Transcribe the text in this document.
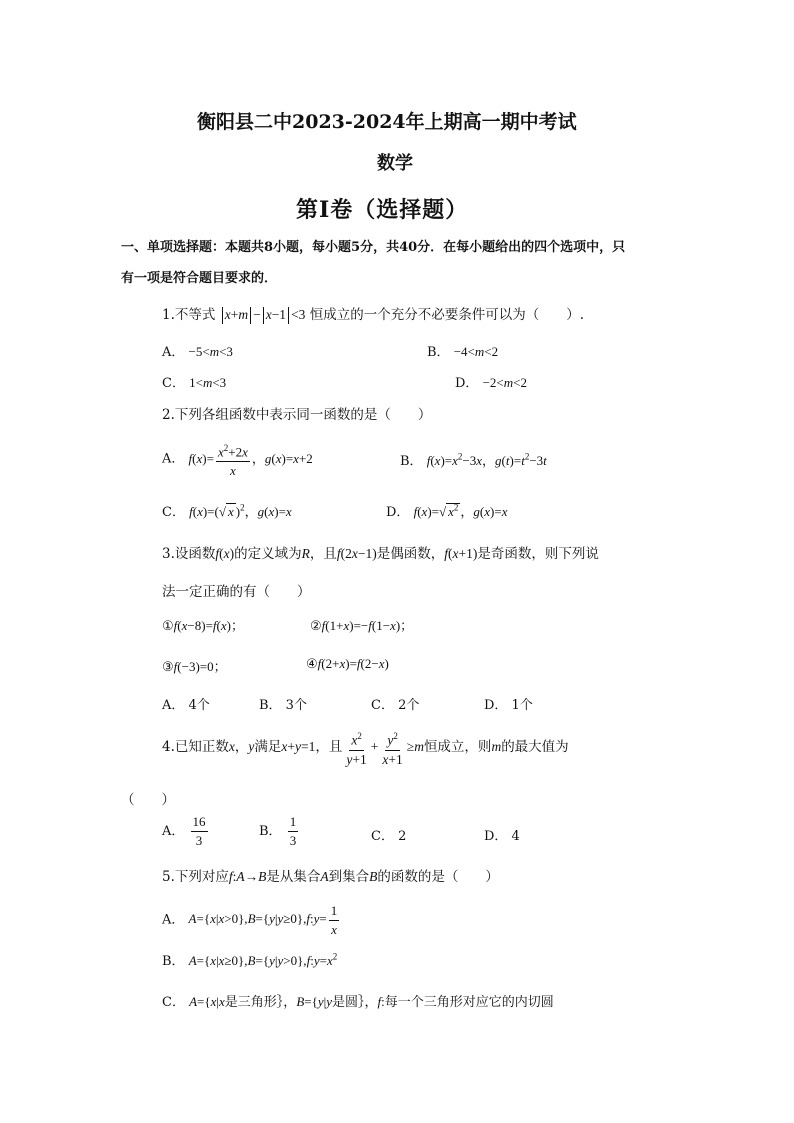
衡阳县二中2023-2024年上期高一期中考试
数学
第Ⅰ卷（选择题）
一、单项选择题：本题共8小题，每小题5分，共40分．在每小题给出的四个选项中，只
有一项是符合题目要求的．
1.不等式 x+m − x−1 <3 恒成立的一个充分不必要条件可以为（　　）.
A． −5<m<3	B． −4<m<2
C． 1<m<3	D． −2<m<2
2.下列各组函数中表示同一函数的是（　　）
A． $f(x)= \frac{x^2+2x}{x}$ ，g(x)=x+2	B． $f(x)=x^2-3x$，$g(t)=t^2-3t$
C． f(x)=(√ x )$^2$，g(x)=x	D． f(x)=√ $x^2$ ，g(x)=x
3.设函数f(x)的定义域为R，且f(2x−1)是偶函数，f(x+1)是奇函数，则下列说
法一定正确的有（　　）
①f(x−8)=f(x)；	②f(1+x)=−f(1−x)；
③f(−3)=0；	④f(2+x)=f(2−x)
A． 4个	B． 3个	C． 2个	D． 1个
4.已知正数x，y满足x+y=1，且 $\frac{x^2}{y+1} + \frac{y^2}{x+1} \ge m$恒成立，则m的最大值为
（　　）
A． $\frac{16}{3}$	B． $\frac{1}{3}$	C． 2	D． 4
5.下列对应f:A→B是从集合A到集合B的函数的是（　　）
A． A={x|x>0},B={y|y≥0},f:y= $\frac{1}{x}$
B． $A=\{x|x\ge 0\},B=\{y|y>0\},f:y=x^2$
C． A={x|x是三角形｝，B={y|y是圆｝，f:每一个三角形对应它的内切圆
